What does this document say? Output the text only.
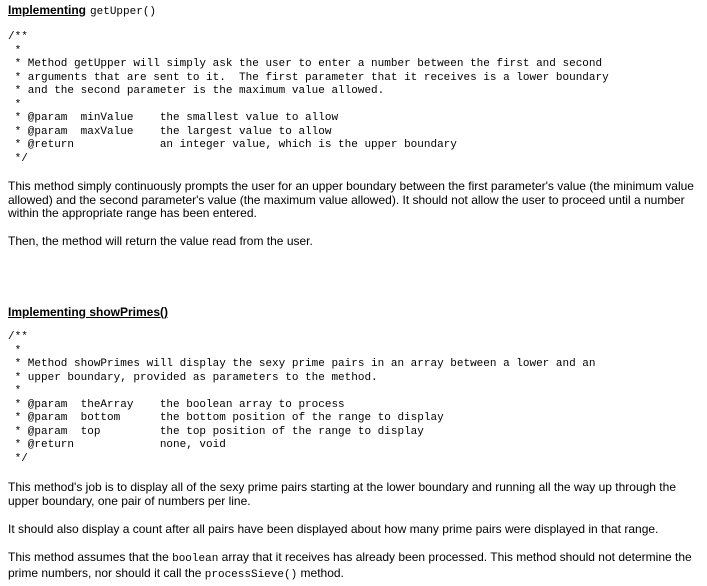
Implementing getUpper()
/**
*
* Method getUpper will simply ask the user to enter a number between the first and second
* arguments that are sent to it.  The first parameter that it receives is a lower boundary
* and the second parameter is the maximum value allowed.
*
* @param  minValue    the smallest value to allow
* @param  maxValue    the largest value to allow
* @return             an integer value, which is the upper boundary
*/

This method simply continuously prompts the user for an upper boundary between the first parameter's value (the minimum value allowed) and the second parameter's value (the maximum value allowed). It should not allow the user to proceed until a number within the appropriate range has been entered.

Then, the method will return the value read from the user.

Implementing showPrimes()
/**
*
* Method showPrimes will display the sexy prime pairs in an array between a lower and an
* upper boundary, provided as parameters to the method.
*
* @param  theArray    the boolean array to process
* @param  bottom      the bottom position of the range to display
* @param  top         the top position of the range to display
* @return             none, void
*/

This method's job is to display all of the sexy prime pairs starting at the lower boundary and running all the way up through the upper boundary, one pair of numbers per line.

It should also display a count after all pairs have been displayed about how many prime pairs were displayed in that range.

This method assumes that the boolean array that it receives has already been processed. This method should not determine the prime numbers, nor should it call the processSieve() method.
